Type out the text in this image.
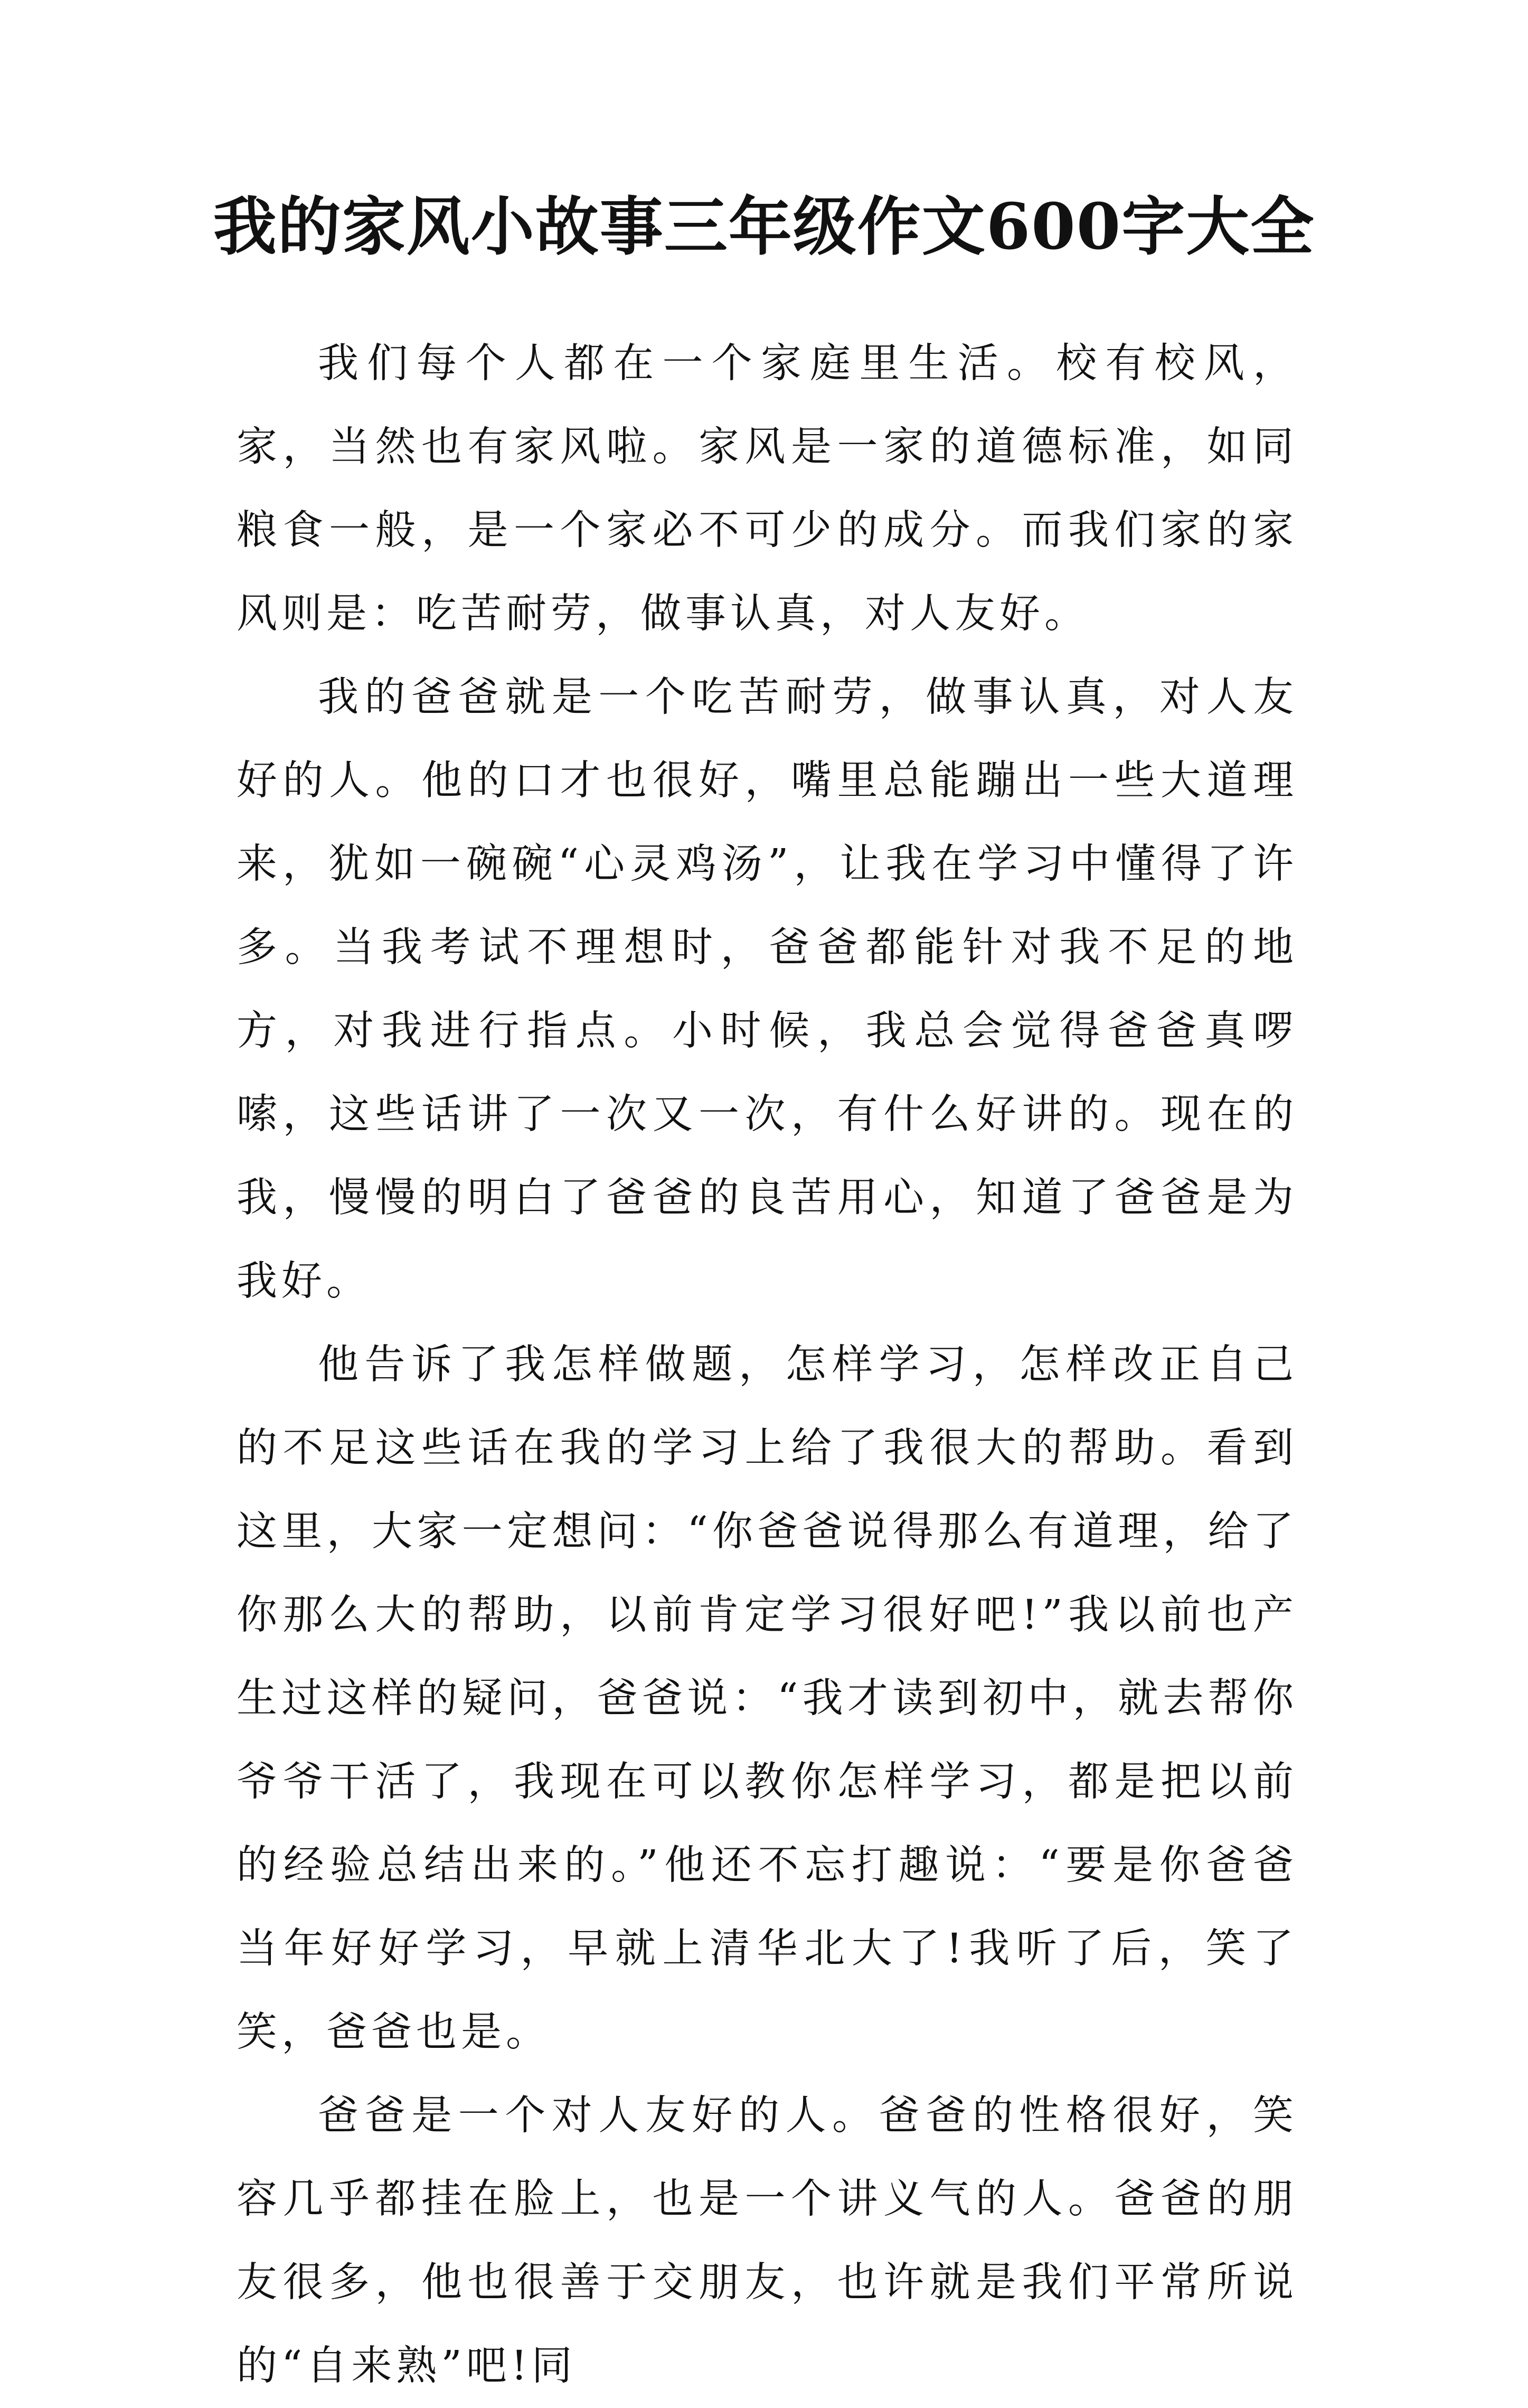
我的家风小故事三年级作文600字大全

我们每个人都在一个家庭里生活。校有校风，家，当然也有家风啦。家风是一家的道德标准，如同粮食一般，是一个家必不可少的成分。而我们家的家风则是：吃苦耐劳，做事认真，对人友好。

我的爸爸就是一个吃苦耐劳，做事认真，对人友好的人。他的口才也很好，嘴里总能蹦出一些大道理来，犹如一碗碗“心灵鸡汤”，让我在学习中懂得了许多。当我考试不理想时，爸爸都能针对我不足的地方，对我进行指点。小时候，我总会觉得爸爸真啰嗦，这些话讲了一次又一次，有什么好讲的。现在的我，慢慢的明白了爸爸的良苦用心，知道了爸爸是为我好。

他告诉了我怎样做题，怎样学习，怎样改正自己的不足这些话在我的学习上给了我很大的帮助。看到这里，大家一定想问：“你爸爸说得那么有道理，给了你那么大的帮助，以前肯定学习很好吧!”我以前也产生过这样的疑问，爸爸说：“我才读到初中，就去帮你爷爷干活了，我现在可以教你怎样学习，都是把以前的经验总结出来的。”他还不忘打趣说：“要是你爸爸当年好好学习，早就上清华北大了!我听了后，笑了笑，爸爸也是。

爸爸是一个对人友好的人。爸爸的性格很好，笑容几乎都挂在脸上，也是一个讲义气的人。爸爸的朋友很多，他也很善于交朋友，也许就是我们平常所说的“自来熟”吧!同
